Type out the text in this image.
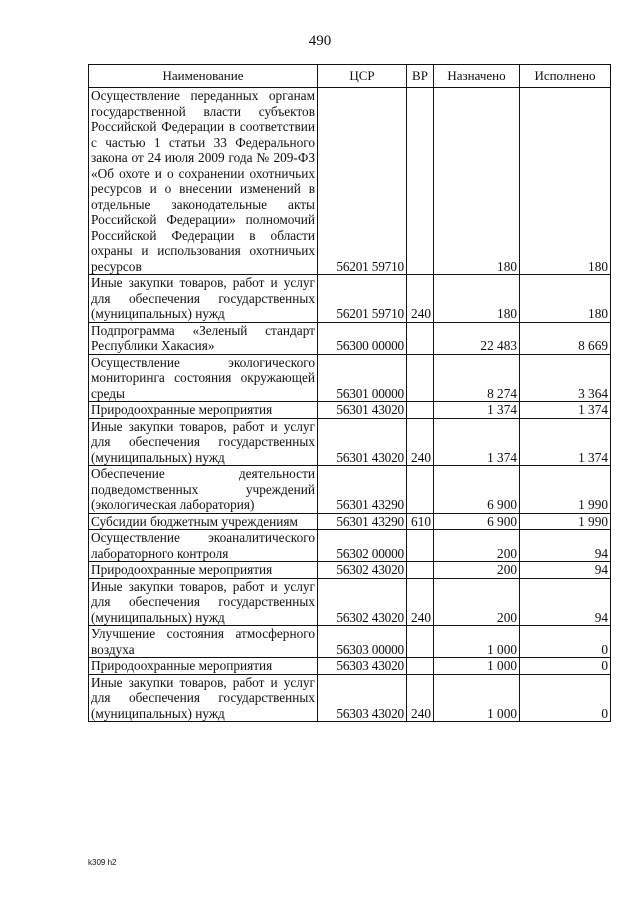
490
Наименование	ЦСР	ВР	Назначено	Исполнено
Осуществление переданных органам государственной власти субъектов Российской Федерации в соответствии с частью 1 статьи 33 Федерального закона от 24 июля 2009 года № 209-ФЗ «Об охоте и о сохранении охотничьих ресурсов и о внесении изменений в отдельные законодательные акты Российской Федерации» полномочий Российской Федерации в области охраны и использования охотничьих ресурсов	56201 59710		180	180
Иные закупки товаров, работ и услуг для обеспечения государственных (муниципальных) нужд	56201 59710	240	180	180
Подпрограмма «Зеленый стандарт Республики Хакасия»	56300 00000		22 483	8 669
Осуществление экологического мониторинга состояния окружающей среды	56301 00000		8 274	3 364
Природоохранные мероприятия	56301 43020		1 374	1 374
Иные закупки товаров, работ и услуг для обеспечения государственных (муниципальных) нужд	56301 43020	240	1 374	1 374
Обеспечение деятельности подведомственных учреждений (экологическая лаборатория)	56301 43290		6 900	1 990
Субсидии бюджетным учреждениям	56301 43290	610	6 900	1 990
Осуществление экоаналитического лабораторного контроля	56302 00000		200	94
Природоохранные мероприятия	56302 43020		200	94
Иные закупки товаров, работ и услуг для обеспечения государственных (муниципальных) нужд	56302 43020	240	200	94
Улучшение состояния атмосферного воздуха	56303 00000		1 000	0
Природоохранные мероприятия	56303 43020		1 000	0
Иные закупки товаров, работ и услуг для обеспечения государственных (муниципальных) нужд	56303 43020	240	1 000	0
k309 h2
